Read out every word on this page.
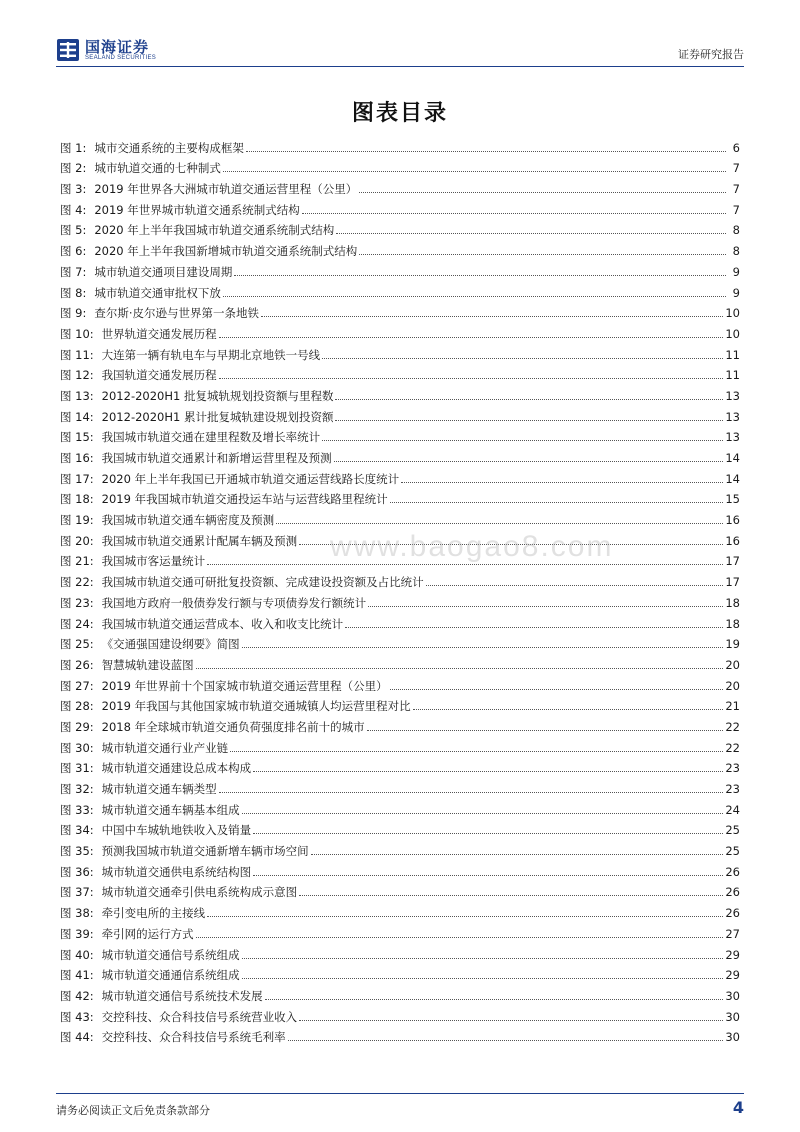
国海证券
SEALAND SECURITIES	证券研究报告
图表目录
图 1: 城市交通系统的主要构成框架	6
图 2: 城市轨道交通的七种制式	7
图 3: 2019 年世界各大洲城市轨道交通运营里程（公里）	7
图 4: 2019 年世界城市轨道交通系统制式结构	7
图 5: 2020 年上半年我国城市轨道交通系统制式结构	8
图 6: 2020 年上半年我国新增城市轨道交通系统制式结构	8
图 7: 城市轨道交通项目建设周期	9
图 8: 城市轨道交通审批权下放	9
图 9: 查尔斯·皮尔逊与世界第一条地铁	10
图 10: 世界轨道交通发展历程	10
图 11: 大连第一辆有轨电车与早期北京地铁一号线	11
图 12: 我国轨道交通发展历程	11
图 13: 2012-2020H1 批复城轨规划投资额与里程数	13
图 14: 2012-2020H1 累计批复城轨建设规划投资额	13
图 15: 我国城市轨道交通在建里程数及增长率统计	13
图 16: 我国城市轨道交通累计和新增运营里程及预测	14
图 17: 2020 年上半年我国已开通城市轨道交通运营线路长度统计	14
图 18: 2019 年我国城市轨道交通投运车站与运营线路里程统计	15
图 19: 我国城市轨道交通车辆密度及预测	16
图 20: 我国城市轨道交通累计配属车辆及预测	16
图 21: 我国城市客运量统计	17
图 22: 我国城市轨道交通可研批复投资额、完成建设投资额及占比统计	17
图 23: 我国地方政府一般债券发行额与专项债券发行额统计	18
图 24: 我国城市轨道交通运营成本、收入和收支比统计	18
图 25: 《交通强国建设纲要》简图	19
图 26: 智慧城轨建设蓝图	20
图 27: 2019 年世界前十个国家城市轨道交通运营里程（公里）	20
图 28: 2019 年我国与其他国家城市轨道交通城镇人均运营里程对比	21
图 29: 2018 年全球城市轨道交通负荷强度排名前十的城市	22
图 30: 城市轨道交通行业产业链	22
图 31: 城市轨道交通建设总成本构成	23
图 32: 城市轨道交通车辆类型	23
图 33: 城市轨道交通车辆基本组成	24
图 34: 中国中车城轨地铁收入及销量	25
图 35: 预测我国城市轨道交通新增车辆市场空间	25
图 36: 城市轨道交通供电系统结构图	26
图 37: 城市轨道交通牵引供电系统构成示意图	26
图 38: 牵引变电所的主接线	26
图 39: 牵引网的运行方式	27
图 40: 城市轨道交通信号系统组成	29
图 41: 城市轨道交通通信系统组成	29
图 42: 城市轨道交通信号系统技术发展	30
图 43: 交控科技、众合科技信号系统营业收入	30
图 44: 交控科技、众合科技信号系统毛利率	30
www.baogao8.com
请务必阅读正文后免责条款部分	4
